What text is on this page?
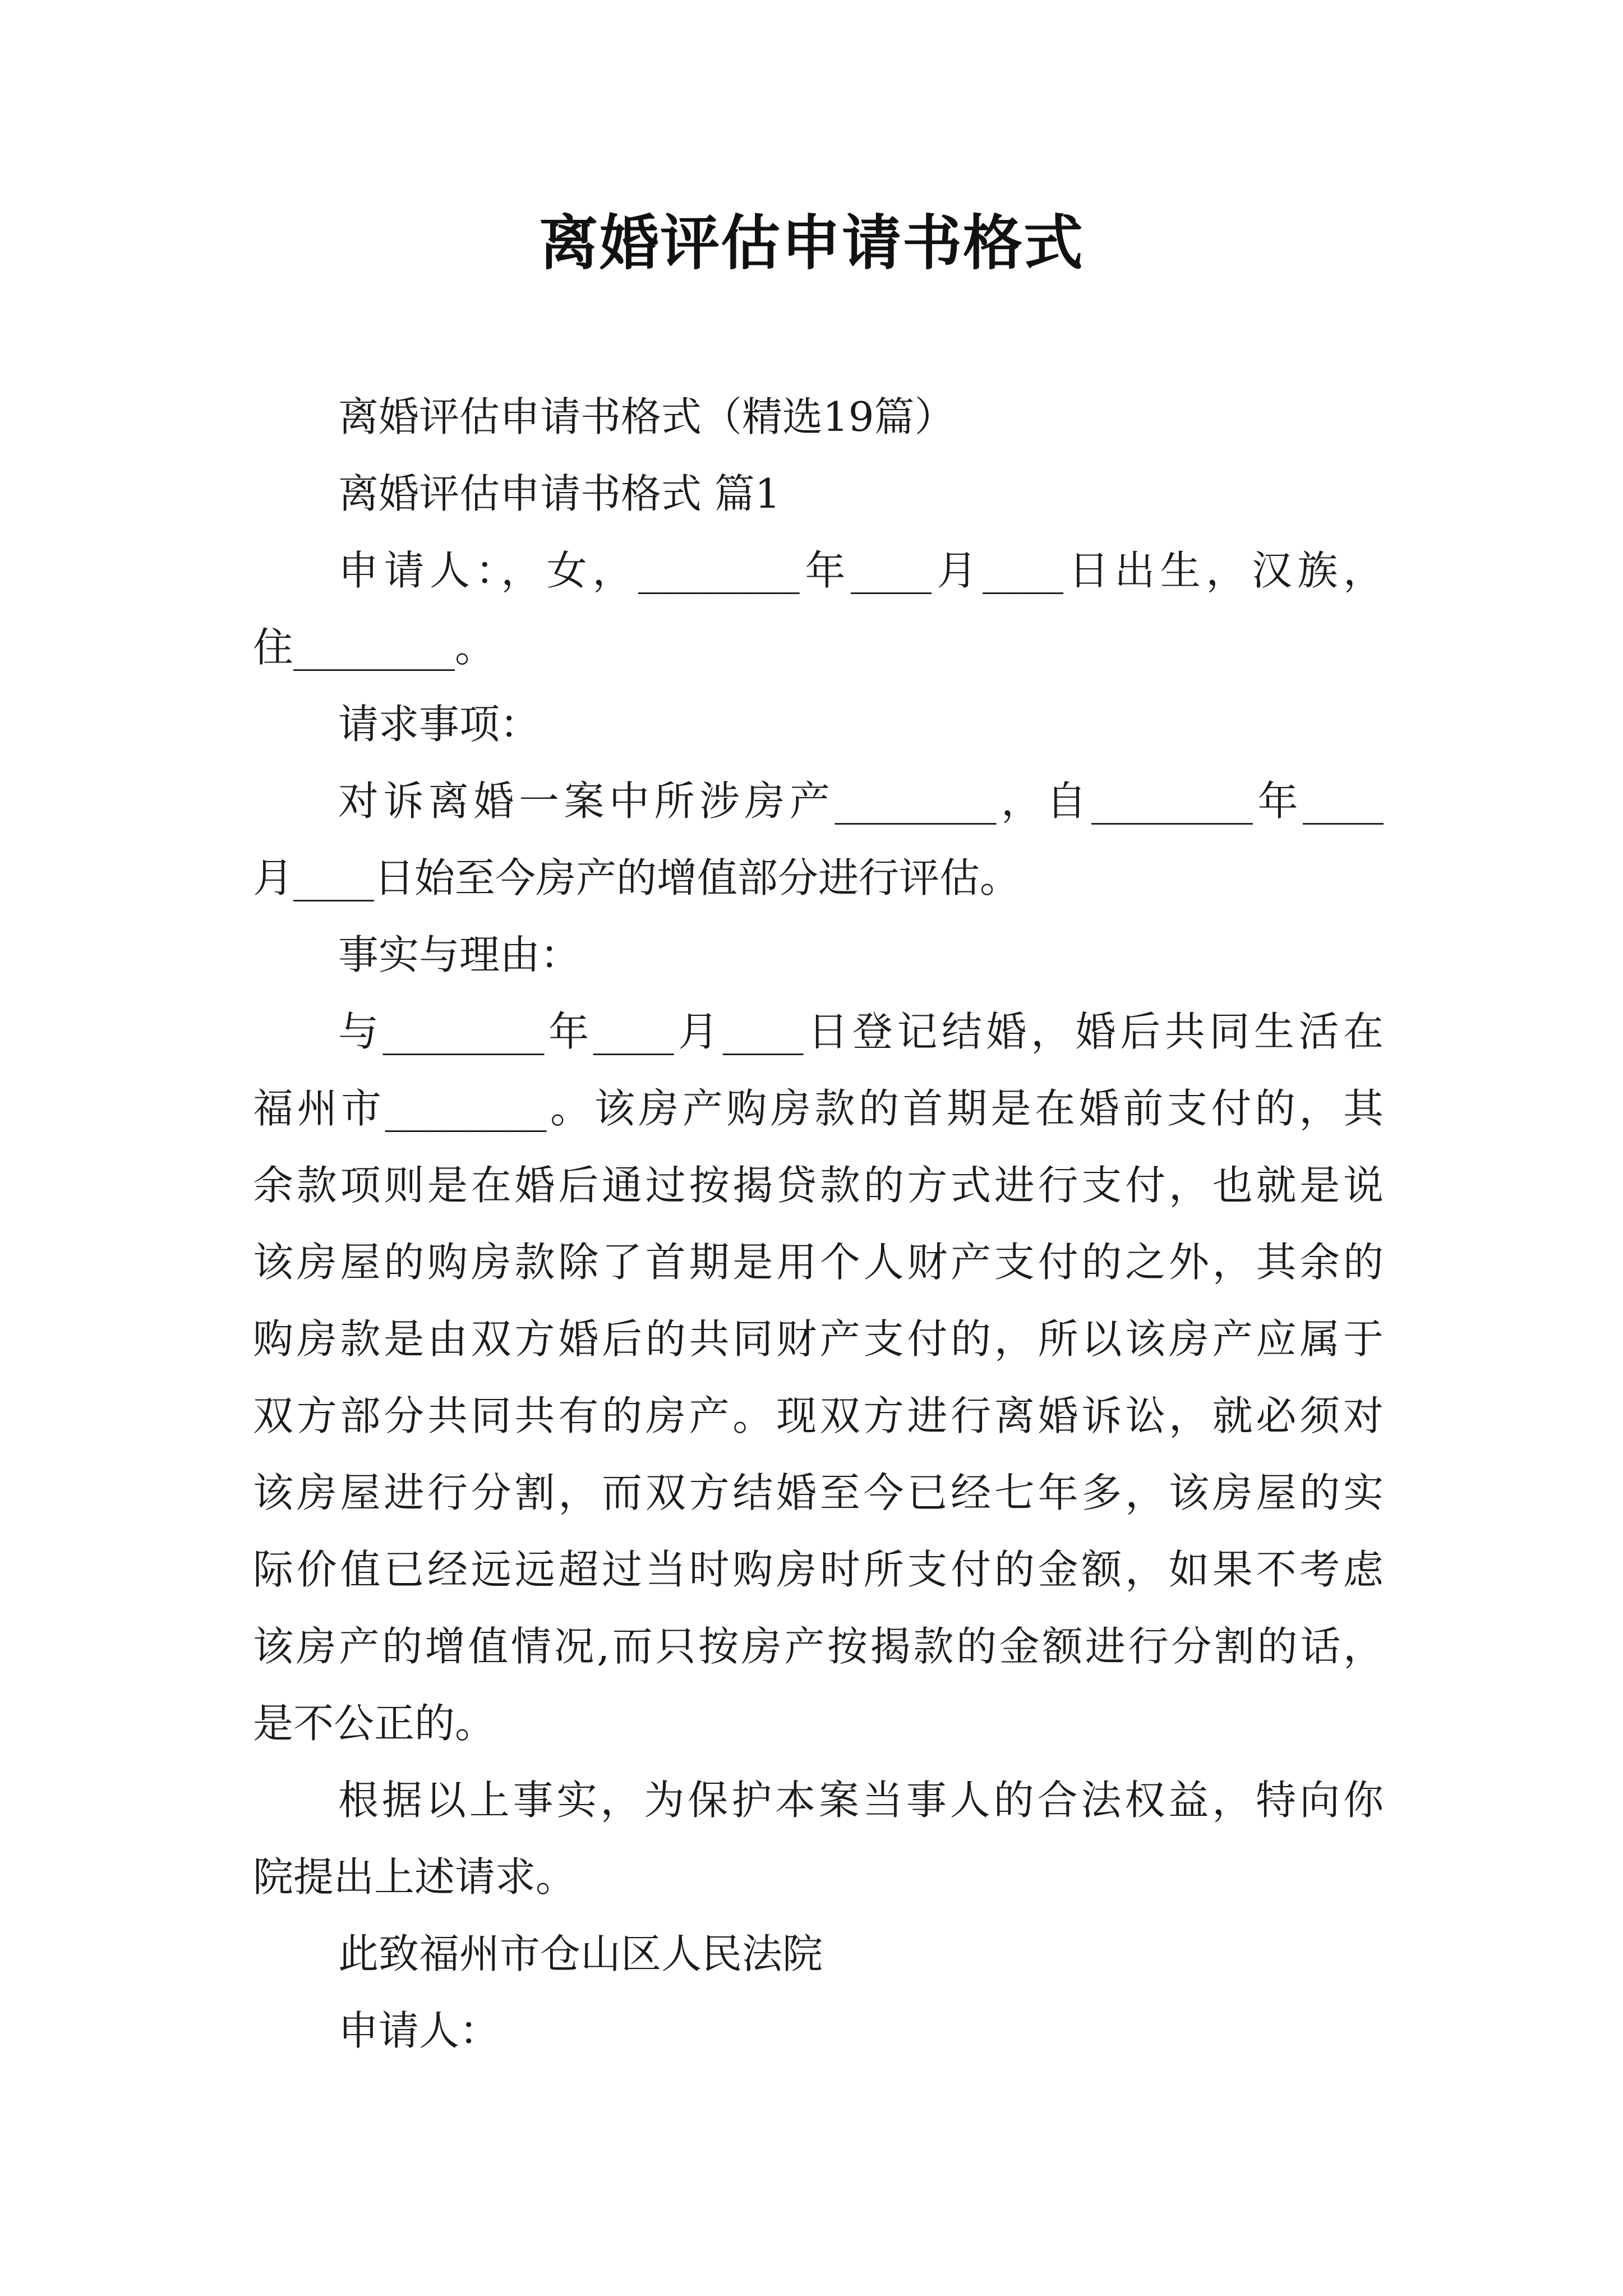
离婚评估申请书格式
离婚评估申请书格式（精选19篇）
离婚评估申请书格式 篇1
申请人：，女，________年____月____日出生，汉族，
住________。
请求事项：
对诉离婚一案中所涉房产________，自________年____
月____日始至今房产的增值部分进行评估。
事实与理由：
与________年____月____日登记结婚，婚后共同生活在
福州市________。该房产购房款的首期是在婚前支付的，其
余款项则是在婚后通过按揭贷款的方式进行支付，也就是说
该房屋的购房款除了首期是用个人财产支付的之外，其余的
购房款是由双方婚后的共同财产支付的，所以该房产应属于
双方部分共同共有的房产。现双方进行离婚诉讼，就必须对
该房屋进行分割，而双方结婚至今已经七年多，该房屋的实
际价值已经远远超过当时购房时所支付的金额，如果不考虑
该房产的增值情况,而只按房产按揭款的金额进行分割的话，
是不公正的。
根据以上事实，为保护本案当事人的合法权益，特向你
院提出上述请求。
此致福州市仓山区人民法院
申请人：
